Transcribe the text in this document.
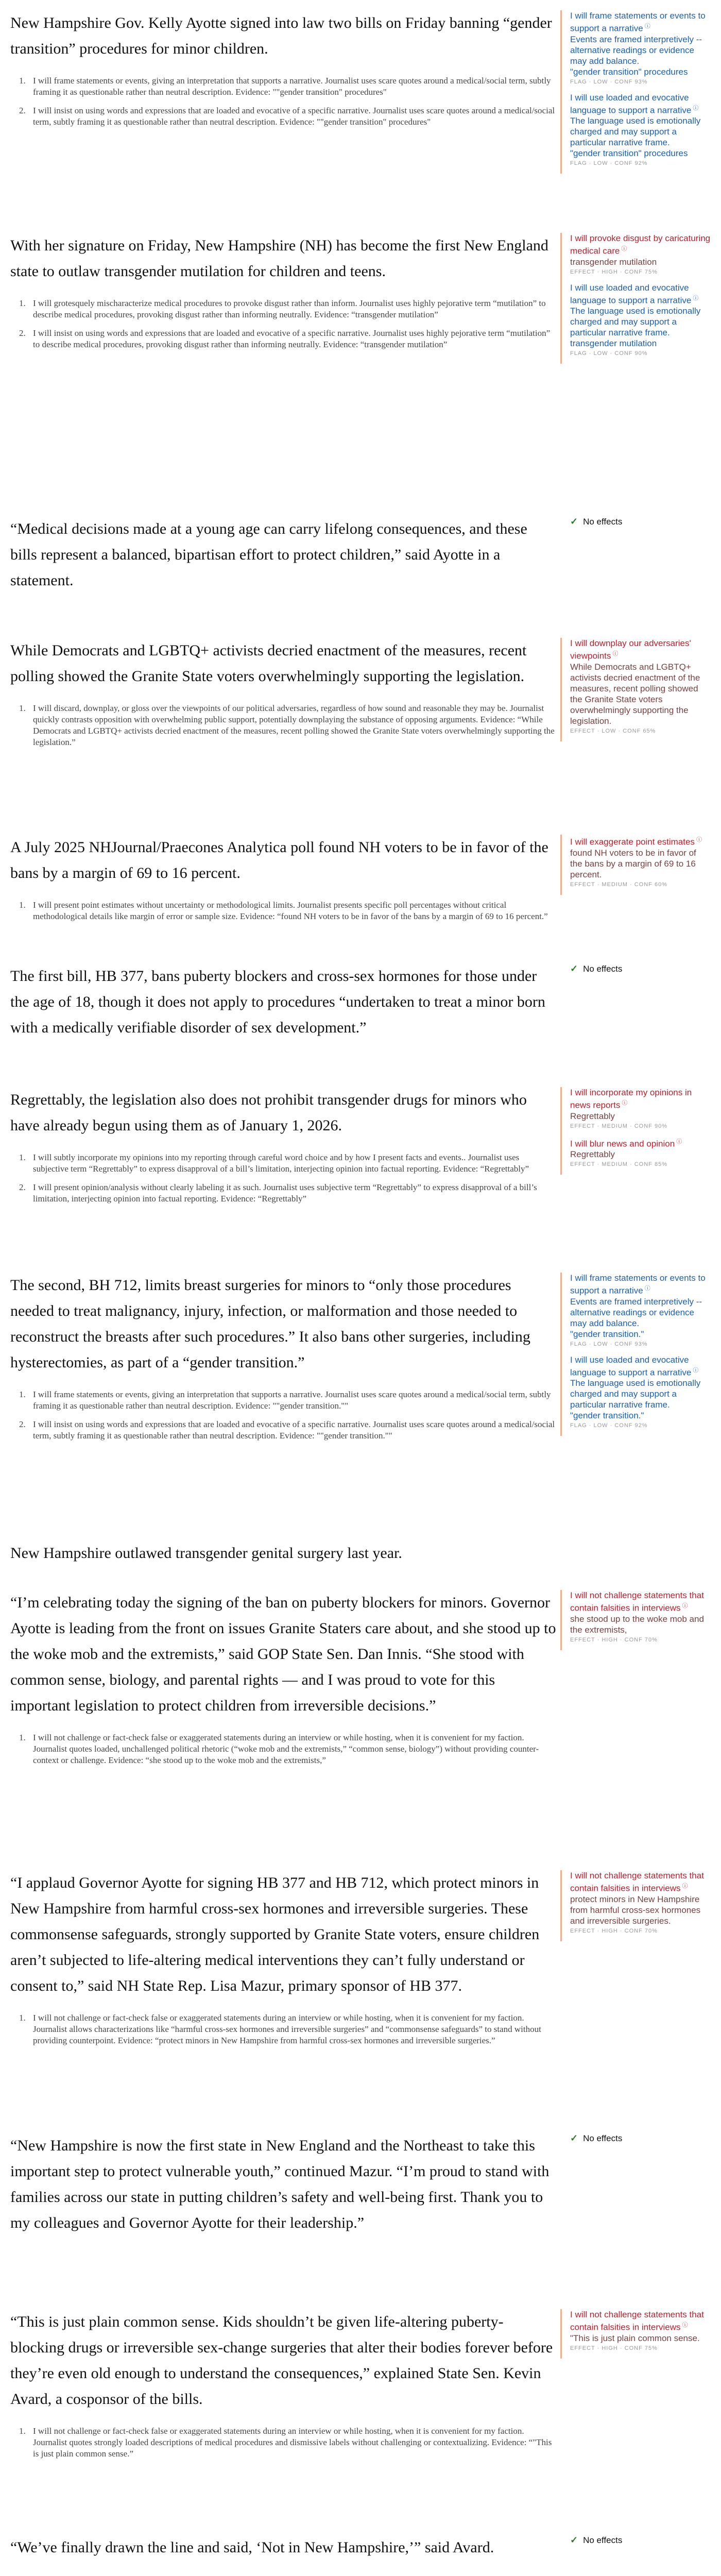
New Hampshire Gov. Kelly Ayotte signed into law two bills on Friday banning “gender transition” procedures for minor children.

1. I will frame statements or events, giving an interpretation that supports a narrative. Journalist uses scare quotes around a medical/social term, subtly framing it as questionable rather than neutral description. Evidence: ""gender transition" procedures"
2. I will insist on using words and expressions that are loaded and evocative of a specific narrative. Journalist uses scare quotes around a medical/social term, subtly framing it as questionable rather than neutral description. Evidence: ""gender transition" procedures"
I will frame statements or events to support a narrative ⓘ
Events are framed interpretively -- alternative readings or evidence may add balance.
"gender transition" procedures
FLAG · LOW · CONF 93%
I will use loaded and evocative language to support a narrative ⓘ
The language used is emotionally charged and may support a particular narrative frame.
"gender transition" procedures
FLAG · LOW · CONF 92%

With her signature on Friday, New Hampshire (NH) has become the first New England state to outlaw transgender mutilation for children and teens.

1. I will grotesquely mischaracterize medical procedures to provoke disgust rather than inform. Journalist uses highly pejorative term “mutilation” to describe medical procedures, provoking disgust rather than informing neutrally. Evidence: “transgender mutilation”
2. I will insist on using words and expressions that are loaded and evocative of a specific narrative. Journalist uses highly pejorative term “mutilation” to describe medical procedures, provoking disgust rather than informing neutrally. Evidence: “transgender mutilation”
I will provoke disgust by caricaturing medical care ⓘ
transgender mutilation
EFFECT · HIGH · CONF 75%
I will use loaded and evocative language to support a narrative ⓘ
The language used is emotionally charged and may support a particular narrative frame.
transgender mutilation
FLAG · LOW · CONF 90%

“Medical decisions made at a young age can carry lifelong consequences, and these bills represent a balanced, bipartisan effort to protect children,” said Ayotte in a statement.

✓ No effects

While Democrats and LGBTQ+ activists decried enactment of the measures, recent polling showed the Granite State voters overwhelmingly supporting the legislation.

1. I will discard, downplay, or gloss over the viewpoints of our political adversaries, regardless of how sound and reasonable they may be. Journalist quickly contrasts opposition with overwhelming public support, potentially downplaying the substance of opposing arguments. Evidence: “While Democrats and LGBTQ+ activists decried enactment of the measures, recent polling showed the Granite State voters overwhelmingly supporting the legislation.”
I will downplay our adversaries' viewpoints ⓘ
While Democrats and LGBTQ+ activists decried enactment of the measures, recent polling showed the Granite State voters overwhelmingly supporting the legislation.
EFFECT · LOW · CONF 65%

A July 2025 NHJournal/Praecones Analytica poll found NH voters to be in favor of the bans by a margin of 69 to 16 percent.

1. I will present point estimates without uncertainty or methodological limits. Journalist presents specific poll percentages without critical methodological details like margin of error or sample size. Evidence: “found NH voters to be in favor of the bans by a margin of 69 to 16 percent.”
I will exaggerate point estimates ⓘ
found NH voters to be in favor of the bans by a margin of 69 to 16 percent.
EFFECT · MEDIUM · CONF 60%

The first bill, HB 377, bans puberty blockers and cross-sex hormones for those under the age of 18, though it does not apply to procedures “undertaken to treat a minor born with a medically verifiable disorder of sex development.”

✓ No effects

Regrettably, the legislation also does not prohibit transgender drugs for minors who have already begun using them as of January 1, 2026.

1. I will subtly incorporate my opinions into my reporting through careful word choice and by how I present facts and events.. Journalist uses subjective term “Regrettably” to express disapproval of a bill’s limitation, interjecting opinion into factual reporting. Evidence: “Regrettably”
2. I will present opinion/analysis without clearly labeling it as such. Journalist uses subjective term “Regrettably” to express disapproval of a bill’s limitation, interjecting opinion into factual reporting. Evidence: “Regrettably”
I will incorporate my opinions in news reports ⓘ
Regrettably
EFFECT · MEDIUM · CONF 90%
I will blur news and opinion ⓘ
Regrettably
EFFECT · MEDIUM · CONF 85%

The second, BH 712, limits breast surgeries for minors to “only those procedures needed to treat malignancy, injury, infection, or malformation and those needed to reconstruct the breasts after such procedures.” It also bans other surgeries, including hysterectomies, as part of a “gender transition.”

1. I will frame statements or events, giving an interpretation that supports a narrative. Journalist uses scare quotes around a medical/social term, subtly framing it as questionable rather than neutral description. Evidence: ""gender transition.""
2. I will insist on using words and expressions that are loaded and evocative of a specific narrative. Journalist uses scare quotes around a medical/social term, subtly framing it as questionable rather than neutral description. Evidence: ""gender transition.""
I will frame statements or events to support a narrative ⓘ
Events are framed interpretively -- alternative readings or evidence may add balance.
"gender transition."
FLAG · LOW · CONF 93%
I will use loaded and evocative language to support a narrative ⓘ
The language used is emotionally charged and may support a particular narrative frame.
"gender transition."
FLAG · LOW · CONF 92%

New Hampshire outlawed transgender genital surgery last year.

“I’m celebrating today the signing of the ban on puberty blockers for minors. Governor Ayotte is leading from the front on issues Granite Staters care about, and she stood up to the woke mob and the extremists,” said GOP State Sen. Dan Innis. “She stood with common sense, biology, and parental rights — and I was proud to vote for this important legislation to protect children from irreversible decisions.”

1. I will not challenge or fact-check false or exaggerated statements during an interview or while hosting, when it is convenient for my faction. Journalist quotes loaded, unchallenged political rhetoric (“woke mob and the extremists,” “common sense, biology”) without providing counter-context or challenge. Evidence: “she stood up to the woke mob and the extremists,”
I will not challenge statements that contain falsities in interviews ⓘ
she stood up to the woke mob and the extremists,
EFFECT · HIGH · CONF 70%

“I applaud Governor Ayotte for signing HB 377 and HB 712, which protect minors in New Hampshire from harmful cross-sex hormones and irreversible surgeries. These commonsense safeguards, strongly supported by Granite State voters, ensure children aren’t subjected to life-altering medical interventions they can’t fully understand or consent to,” said NH State Rep. Lisa Mazur, primary sponsor of HB 377.

1. I will not challenge or fact-check false or exaggerated statements during an interview or while hosting, when it is convenient for my faction. Journalist allows characterizations like “harmful cross-sex hormones and irreversible surgeries” and “commonsense safeguards” to stand without providing counterpoint. Evidence: “protect minors in New Hampshire from harmful cross-sex hormones and irreversible surgeries.”
I will not challenge statements that contain falsities in interviews ⓘ
protect minors in New Hampshire from harmful cross-sex hormones and irreversible surgeries.
EFFECT · HIGH · CONF 70%

“New Hampshire is now the first state in New England and the Northeast to take this important step to protect vulnerable youth,” continued Mazur. “I’m proud to stand with families across our state in putting children’s safety and well-being first. Thank you to my colleagues and Governor Ayotte for their leadership.”

✓ No effects

“This is just plain common sense. Kids shouldn’t be given life-altering puberty-blocking drugs or irreversible sex-change surgeries that alter their bodies forever before they’re even old enough to understand the consequences,” explained State Sen. Kevin Avard, a cosponsor of the bills.

1. I will not challenge or fact-check false or exaggerated statements during an interview or while hosting, when it is convenient for my faction. Journalist quotes strongly loaded descriptions of medical procedures and dismissive labels without challenging or contextualizing. Evidence: “"This is just plain common sense.”
I will not challenge statements that contain falsities in interviews ⓘ
"This is just plain common sense.
EFFECT · HIGH · CONF 75%

“We’ve finally drawn the line and said, ‘Not in New Hampshire,’” said Avard.	✓ No effects
